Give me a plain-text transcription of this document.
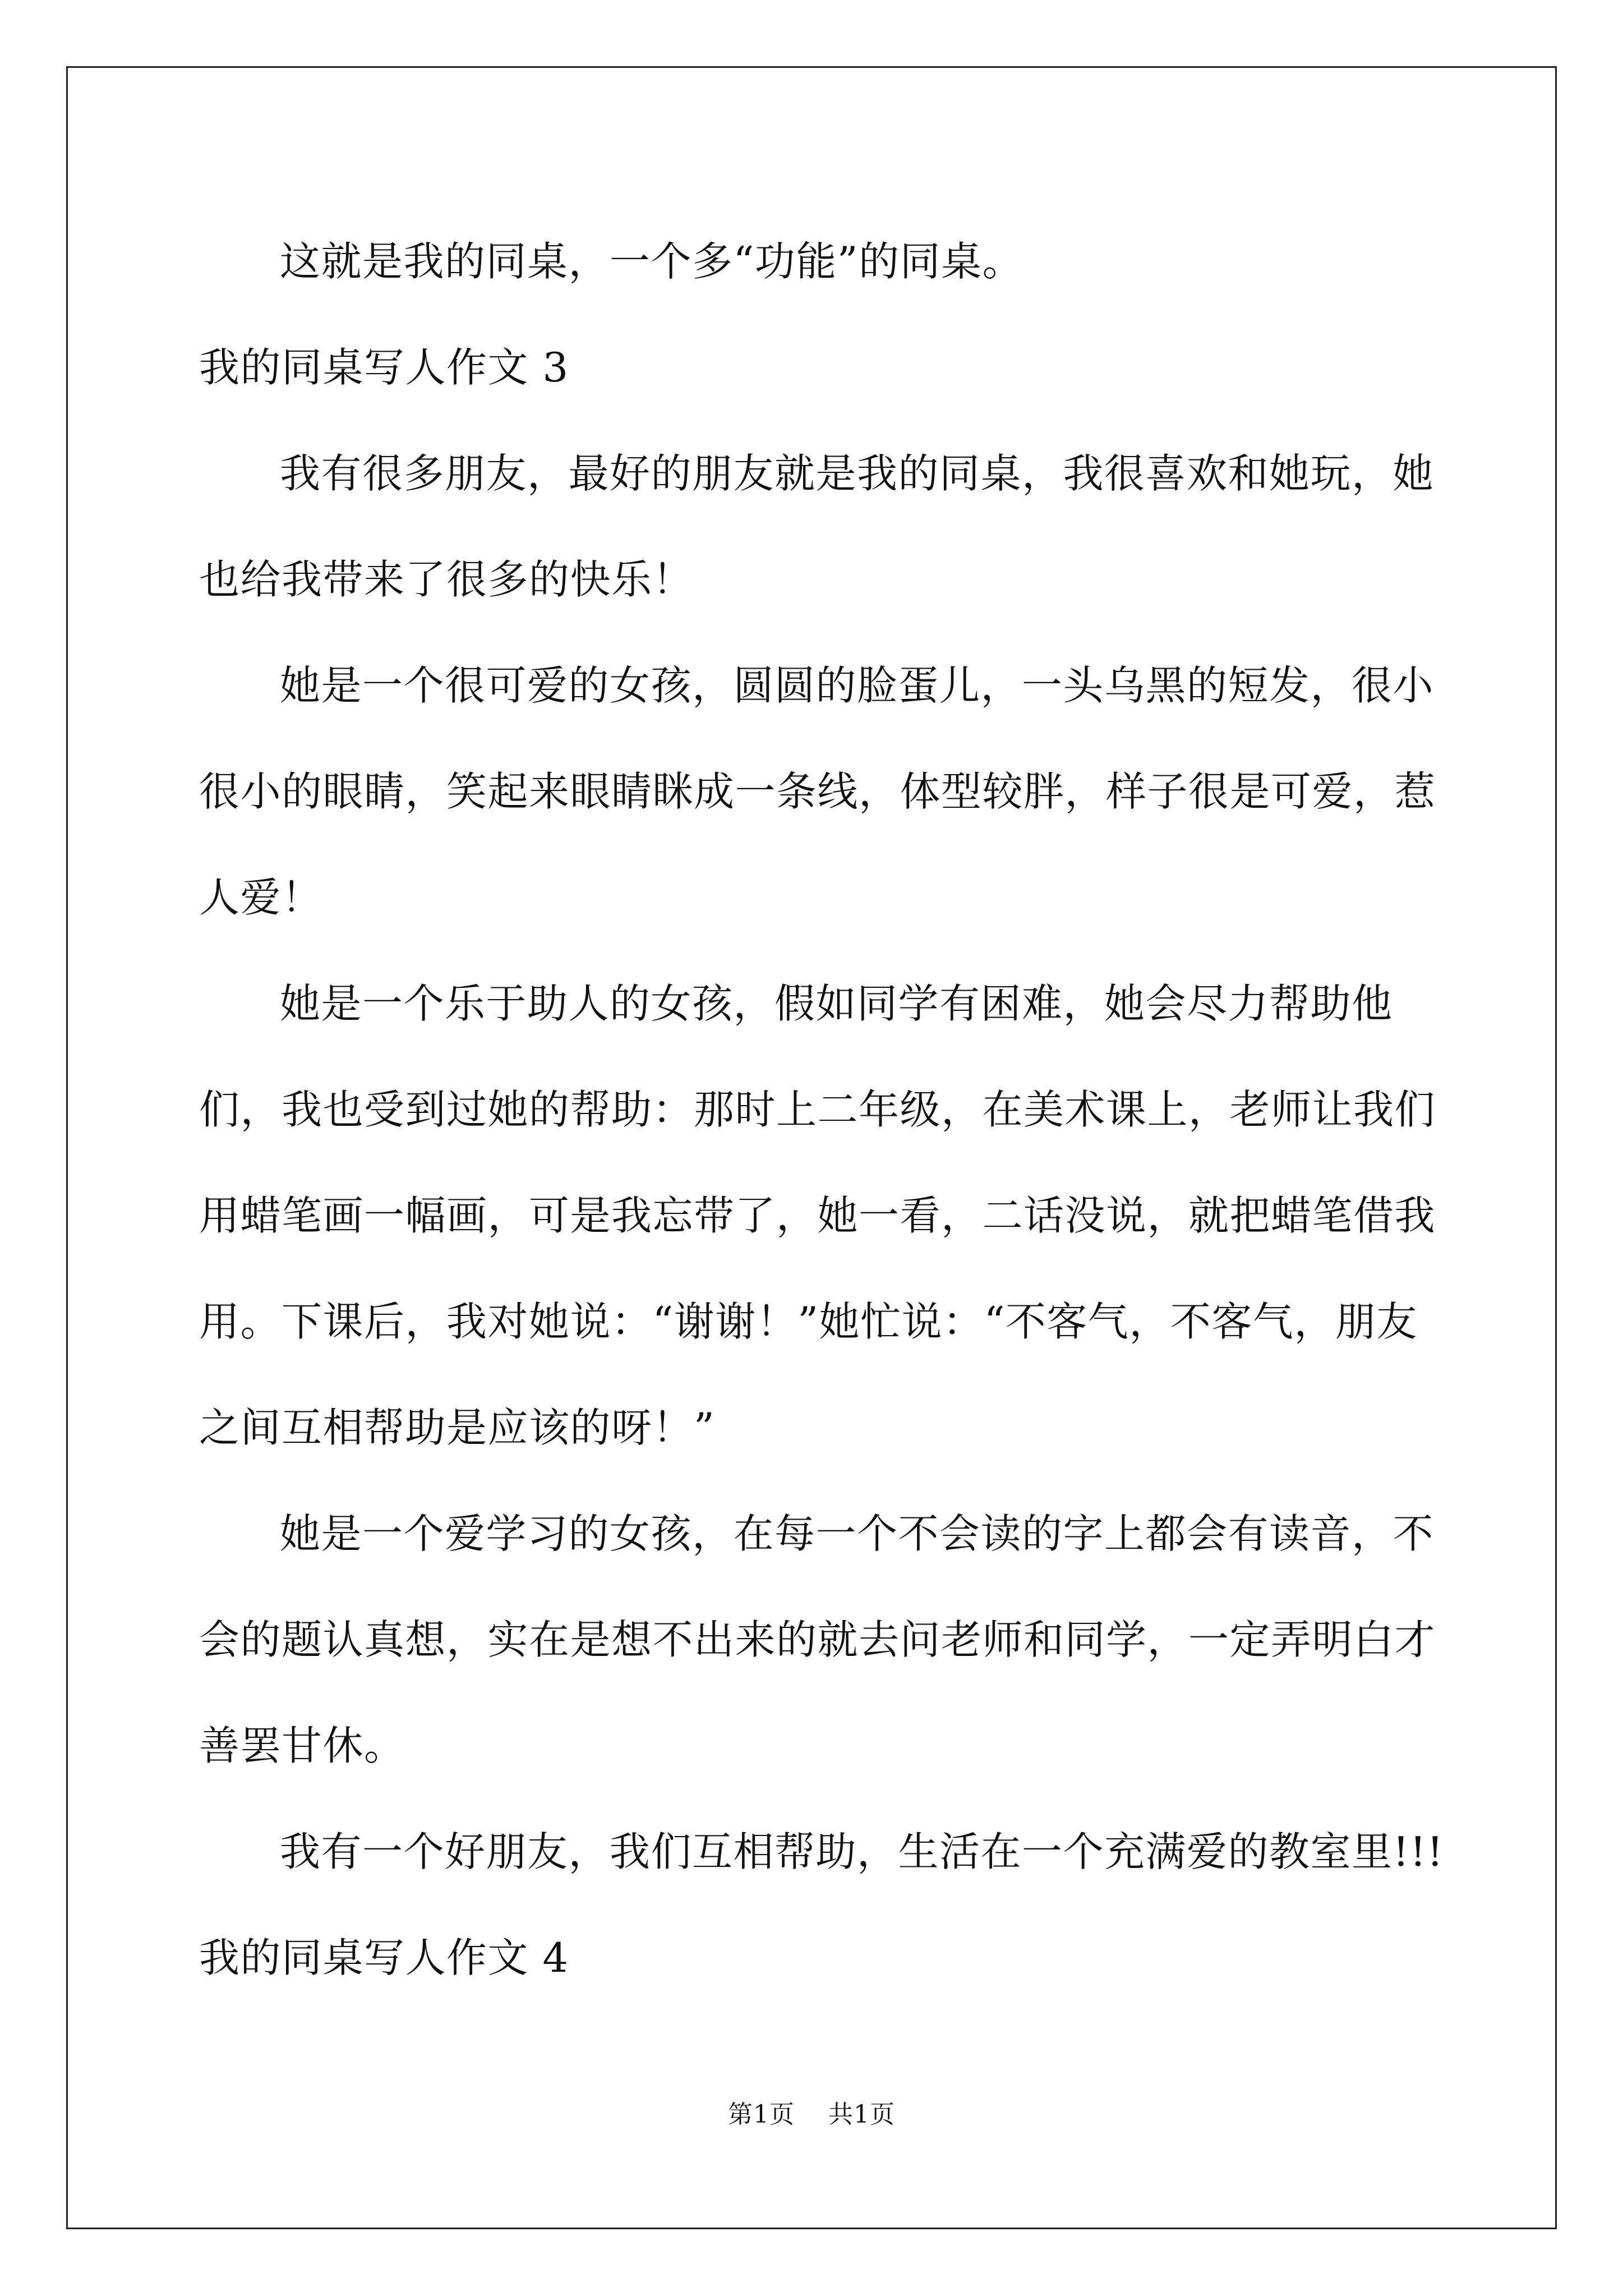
这就是我的同桌，一个多“功能”的同桌。

我的同桌写人作文 3

我有很多朋友，最好的朋友就是我的同桌，我很喜欢和她玩，她也给我带来了很多的快乐！

她是一个很可爱的女孩，圆圆的脸蛋儿，一头乌黑的短发，很小很小的眼睛，笑起来眼睛眯成一条线，体型较胖，样子很是可爱，惹人爱！

她是一个乐于助人的女孩，假如同学有困难，她会尽力帮助他们，我也受到过她的帮助：那时上二年级，在美术课上，老师让我们用蜡笔画一幅画，可是我忘带了，她一看，二话没说，就把蜡笔借我用。下课后，我对她说：“谢谢！”她忙说：“不客气，不客气，朋友之间互相帮助是应该的呀！”

她是一个爱学习的女孩，在每一个不会读的字上都会有读音，不会的题认真想，实在是想不出来的就去问老师和同学，一定弄明白才善罢甘休。

我有一个好朋友，我们互相帮助，生活在一个充满爱的教室里!!!

我的同桌写人作文 4

第1页 共1页
